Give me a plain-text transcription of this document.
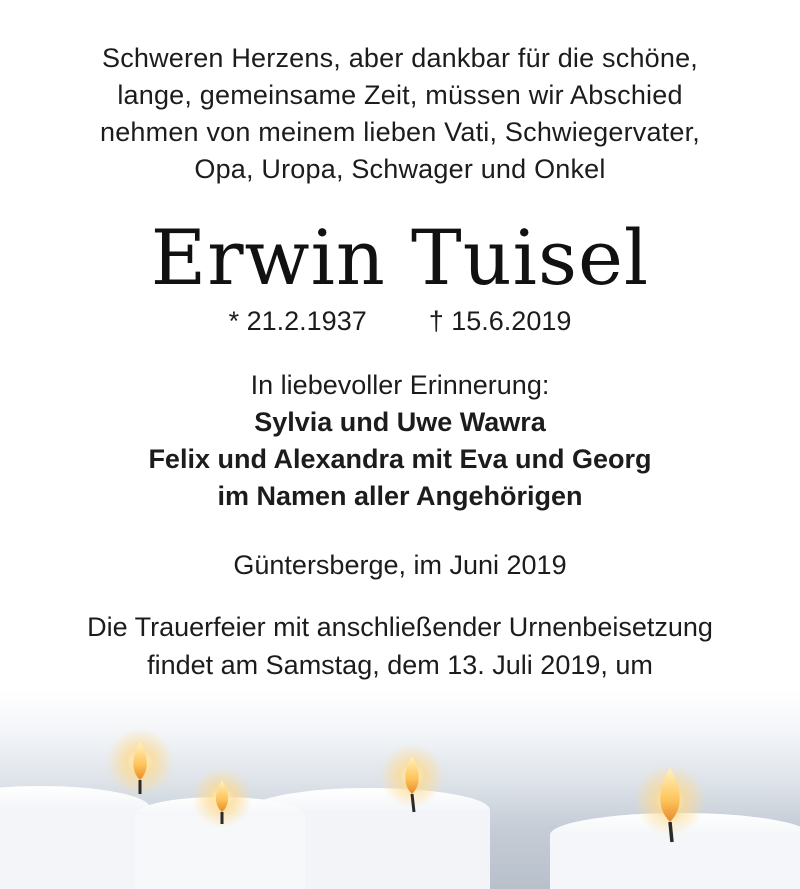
Schweren Herzens, aber dankbar für die schöne,
lange, gemeinsame Zeit, müssen wir Abschied
nehmen von meinem lieben Vati, Schwiegervater,
Opa, Uropa, Schwager und Onkel
Erwin Tuisel
* 21.2.1937 † 15.6.2019
In liebevoller Erinnerung:
Sylvia und Uwe Wawra
Felix und Alexandra mit Eva und Georg
im Namen aller Angehörigen
Güntersberge, im Juni 2019
Die Trauerfeier mit anschließender Urnenbeisetzung
findet am Samstag, dem 13. Juli 2019, um
